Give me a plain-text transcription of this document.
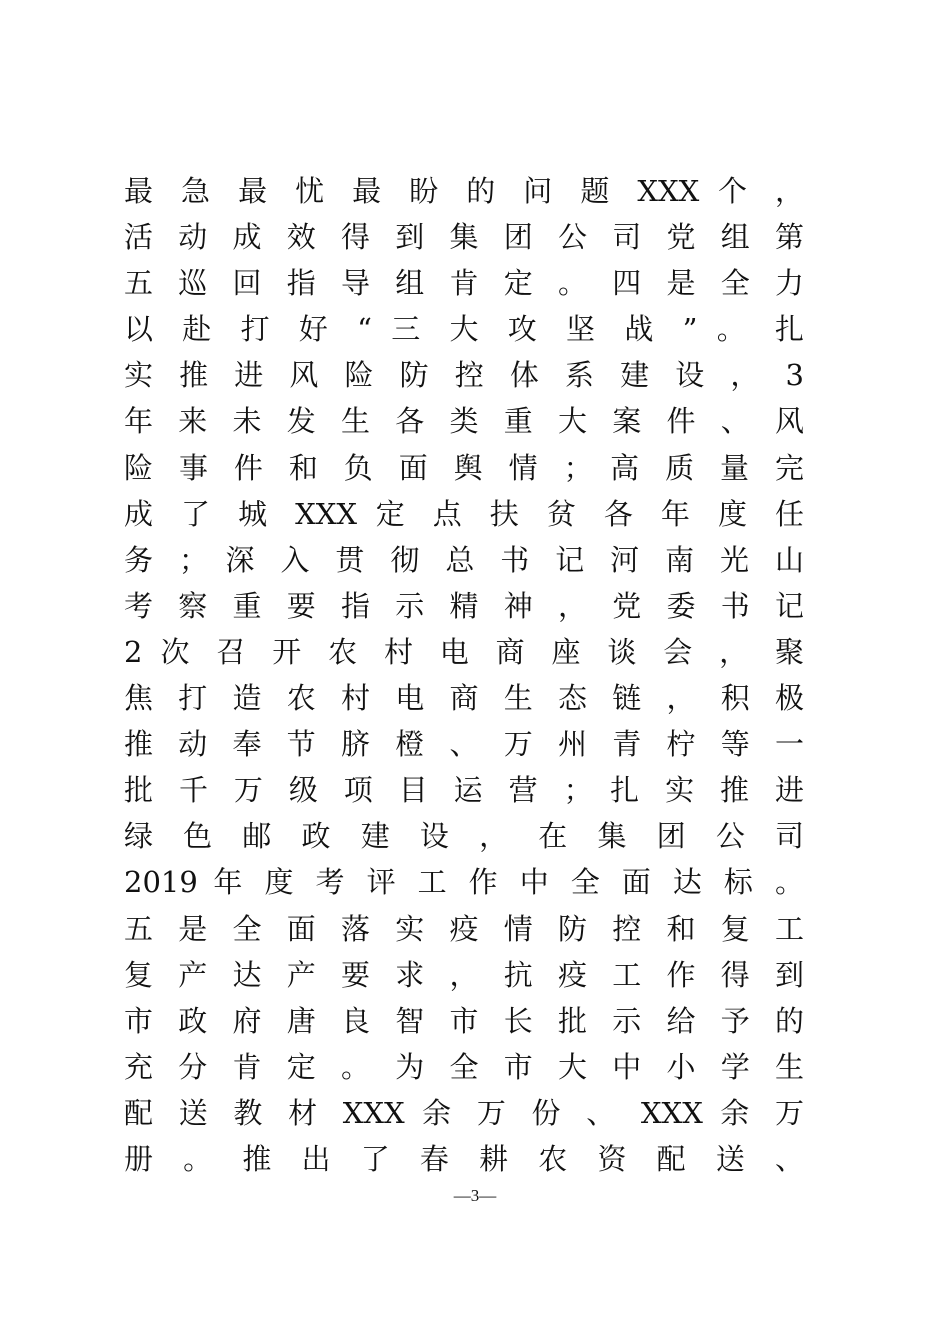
最 急 最 忧 最 盼 的 问 题 XXX 个 ，
活 动 成 效 得 到 集 团 公 司 党 组 第
五 巡 回 指 导 组 肯 定 。 四 是 全 力
以 赴 打 好 “ 三 大 攻 坚 战 ” 。 扎
实 推 进 风 险 防 控 体 系 建 设 ， 3
年 来 未 发 生 各 类 重 大 案 件 、 风
险 事 件 和 负 面 舆 情 ； 高 质 量 完
成 了 城 XXX 定 点 扶 贫 各 年 度 任
务 ； 深 入 贯 彻 总 书 记 河 南 光 山
考 察 重 要 指 示 精 神 ， 党 委 书 记
2 次 召 开 农 村 电 商 座 谈 会 ， 聚
焦 打 造 农 村 电 商 生 态 链 ， 积 极
推 动 奉 节 脐 橙 、 万 州 青 柠 等 一
批 千 万 级 项 目 运 营 ； 扎 实 推 进
绿 色 邮 政 建 设 ， 在 集 团 公 司
2019 年 度 考 评 工 作 中 全 面 达 标 。
五 是 全 面 落 实 疫 情 防 控 和 复 工
复 产 达 产 要 求 ， 抗 疫 工 作 得 到
市 政 府 唐 良 智 市 长 批 示 给 予 的
充 分 肯 定 。 为 全 市 大 中 小 学 生
配 送 教 材 XXX 余 万 份 、 XXX 余 万
册 。 推 出 了 春 耕 农 资 配 送 、
—3—
